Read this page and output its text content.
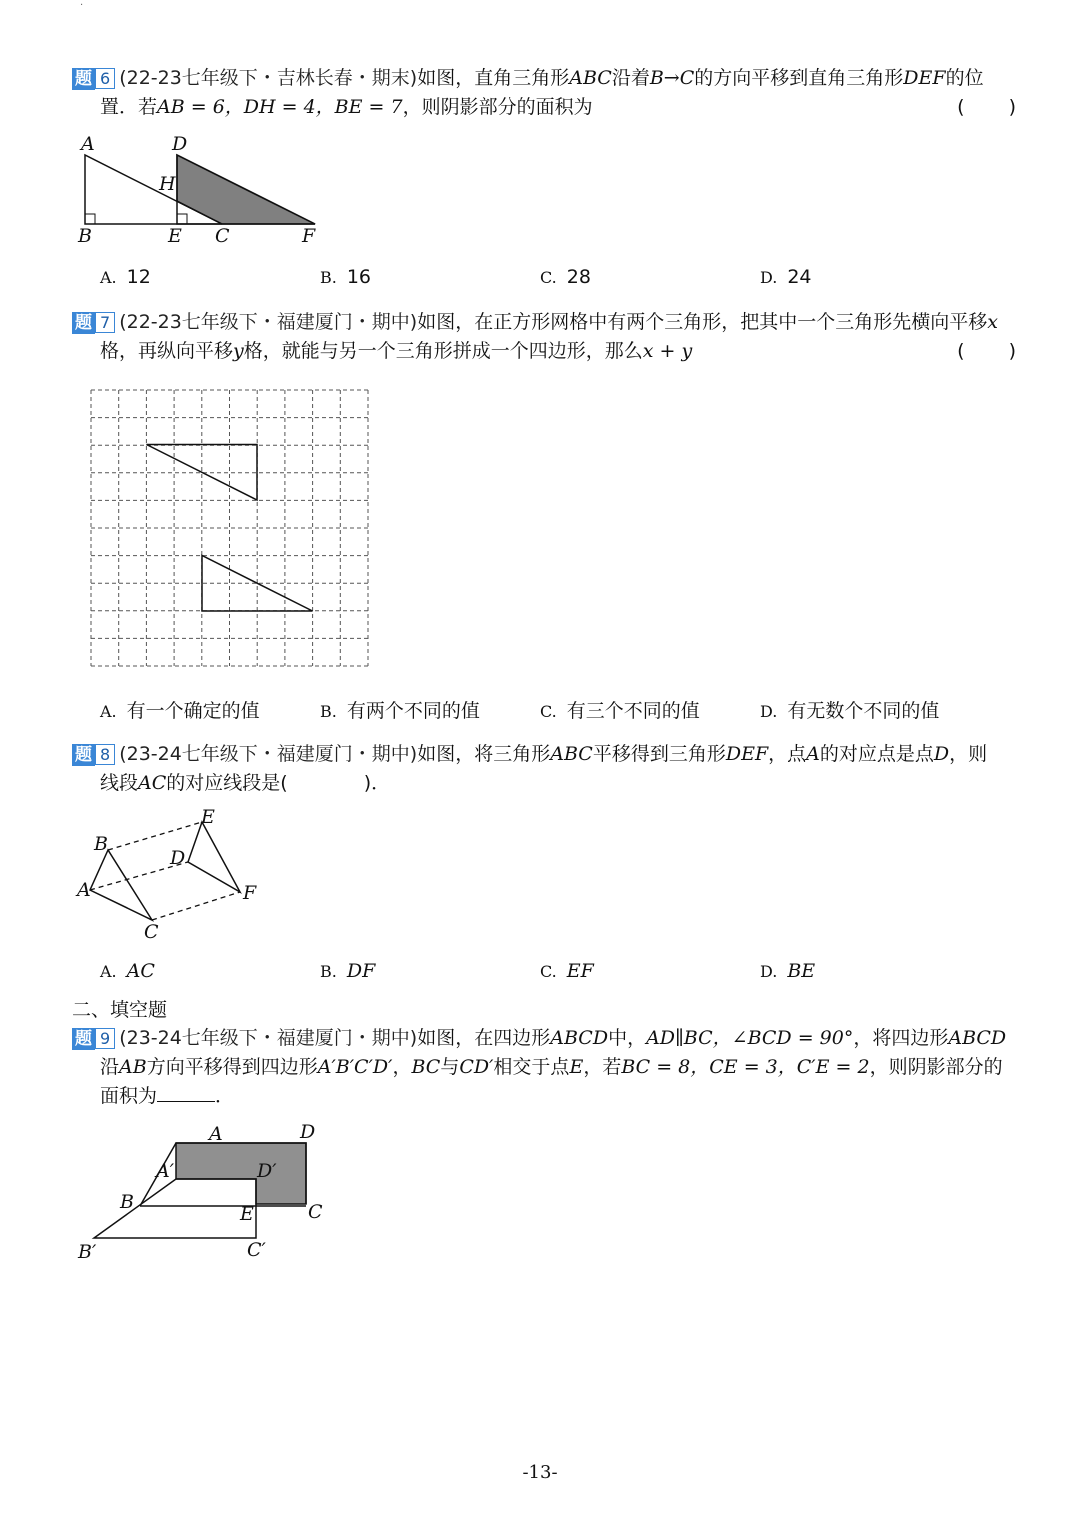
·
题 6 (22-23七年级下・吉林长春・期末)如图，直角三角形ABC沿着B→C的方向平移到直角三角形DEF的位
置．若AB = 6，DH = 4，BE = 7，则阴影部分的面积为	(　　)
A	D
H
B	E C	F
A. 12	B. 16	C. 28	D. 24
题 7 (22-23七年级下・福建厦门・期中)如图，在正方形网格中有两个三角形，把其中一个三角形先横向平移x
格，再纵向平移y格，就能与另一个三角形拼成一个四边形，那么x + y	(　　)
A. 有一个确定的值	B. 有两个不同的值	C. 有三个不同的值	D. 有无数个不同的值
题 8 (23-24七年级下・福建厦门・期中)如图，将三角形ABC平移得到三角形DEF，点A的对应点是点D，则
线段AC的对应线段是(　　　　)．
B
A
C
E
D
F
A. AC	B. DF	C. EF	D. BE
二、填空题
题 9 (23-24七年级下・福建厦门・期中)如图，在四边形ABCD中，AD∥BC，∠BCD = 90°，将四边形ABCD
沿AB方向平移得到四边形A′B′C′D′，BC与CD′相交于点E，若BC = 8，CE = 3，C′E = 2，则阴影部分的
面积为	．
A	D
A′	D′
B
E	C
B′	C′
-13-
